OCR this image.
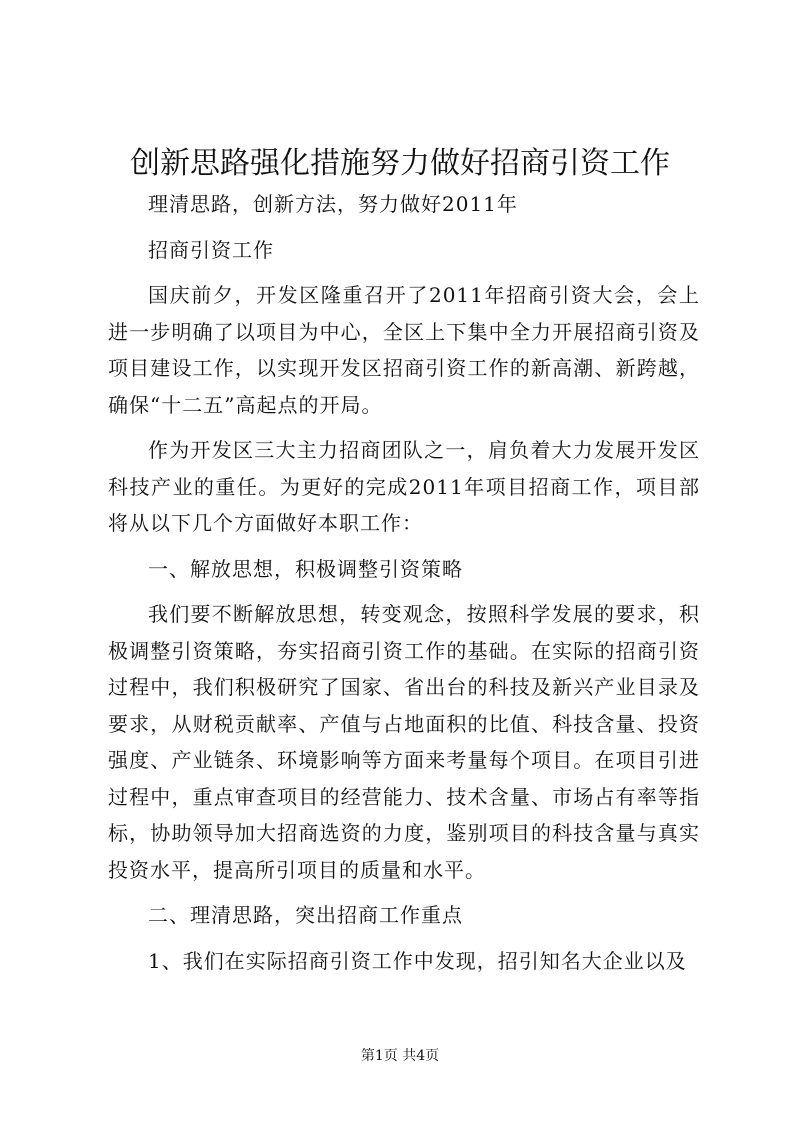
创新思路强化措施努力做好招商引资工作

理清思路，创新方法，努力做好2011年

招商引资工作

国庆前夕，开发区隆重召开了2011年招商引资大会，会上进一步明确了以项目为中心，全区上下集中全力开展招商引资及项目建设工作，以实现开发区招商引资工作的新高潮、新跨越，确保“十二五”高起点的开局。

作为开发区三大主力招商团队之一，肩负着大力发展开发区科技产业的重任。为更好的完成2011年项目招商工作，项目部将从以下几个方面做好本职工作：

一、解放思想，积极调整引资策略

我们要不断解放思想，转变观念，按照科学发展的要求，积极调整引资策略，夯实招商引资工作的基础。在实际的招商引资过程中，我们积极研究了国家、省出台的科技及新兴产业目录及要求，从财税贡献率、产值与占地面积的比值、科技含量、投资强度、产业链条、环境影响等方面来考量每个项目。在项目引进过程中，重点审查项目的经营能力、技术含量、市场占有率等指标，协助领导加大招商选资的力度，鉴别项目的科技含量与真实投资水平，提高所引项目的质量和水平。

二、理清思路，突出招商工作重点

1、我们在实际招商引资工作中发现，招引知名大企业以及

第1页 共4页
